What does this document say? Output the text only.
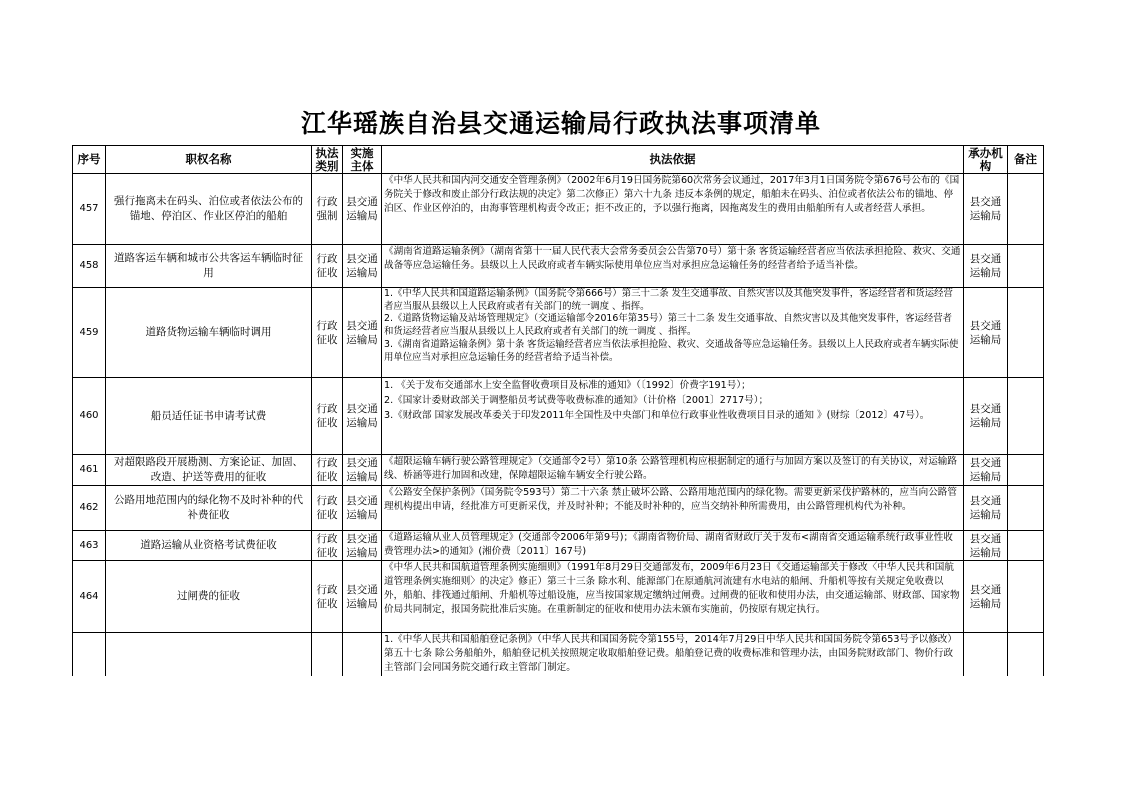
江华瑶族自治县交通运输局行政执法事项清单
序号	职权名称	执法类别	实施主体	执法依据	承办机构	备注
457	强行拖离未在码头、泊位或者依法公布的锚地、停泊区、作业区停泊的船舶	行政强制	县交通运输局	《中华人民共和国内河交通安全管理条例》（2002年6月19日国务院第60次常务会议通过，2017年3月1日国务院令第676号公布的《国务院关于修改和废止部分行政法规的决定》第二次修正）第六十九条 违反本条例的规定，船舶未在码头、泊位或者依法公布的锚地、停泊区、作业区停泊的，由海事管理机构责令改正；拒不改正的，予以强行拖离，因拖离发生的费用由船舶所有人或者经营人承担。	县交通运输局	
458	道路客运车辆和城市公共客运车辆临时征用	行政征收	县交通运输局	《湖南省道路运输条例》（湖南省第十一届人民代表大会常务委员会公告第70号）第十条 客货运输经营者应当依法承担抢险、救灾、交通战备等应急运输任务。县级以上人民政府或者车辆实际使用单位应当对承担应急运输任务的经营者给予适当补偿。	县交通运输局	
459	道路货物运输车辆临时调用	行政征收	县交通运输局	1.《中华人民共和国道路运输条例》（国务院令第666号）第三十二条 发生交通事故、自然灾害以及其他突发事件，客运经营者和货运经营者应当服从县级以上人民政府或者有关部门的统一调度 、指挥。
2.《道路货物运输及站场管理规定》（交通运输部令2016年第35号）第三十二条 发生交通事故、自然灾害以及其他突发事件，客运经营者和货运经营者应当服从县级以上人民政府或者有关部门的统一调度 、指挥。
3.《湖南省道路运输条例》第十条 客货运输经营者应当依法承担抢险、救灾、交通战备等应急运输任务。县级以上人民政府或者车辆实际使用单位应当对承担应急运输任务的经营者给予适当补偿。	县交通运输局	
460	船员适任证书申请考试费	行政征收	县交通运输局	1. 《关于发布交通部水上安全监督收费项目及标准的通知》（〔1992〕价费字191号）；
2.《国家计委财政部关于调整船员考试费等收费标准的通知》（计价格〔2001〕2717号）；
3.《财政部 国家发展改革委关于印发2011年全国性及中央部门和单位行政事业性收费项目目录的通知 》(财综〔2012〕47号）。	县交通运输局	
461	对超限路段开展勘测、方案论证、加固、改造、护送等费用的征收	行政征收	县交通运输局	《超限运输车辆行驶公路管理规定》（交通部令2号）第10条 公路管理机构应根据制定的通行与加固方案以及签订的有关协议，对运输路线、桥涵等进行加固和改建，保障超限运输车辆安全行驶公路。	县交通运输局	
462	公路用地范围内的绿化物不及时补种的代补费征收	行政征收	县交通运输局	《公路安全保护条例》（国务院令593号）第二十六条 禁止破坏公路、公路用地范围内的绿化物。需要更新采伐护路林的，应当向公路管理机构提出申请，经批准方可更新采伐，并及时补种；不能及时补种的，应当交纳补种所需费用，由公路管理机构代为补种。	县交通运输局	
463	道路运输从业资格考试费征收	行政征收	县交通运输局	《道路运输从业人员管理规定》(交通部令2006年第9号)；《湖南省物价局、湖南省财政厅关于发布<湖南省交通运输系统行政事业性收费管理办法>的通知》(湘价费〔2011〕167号)	县交通运输局	
464	过闸费的征收	行政征收	县交通运输局	《中华人民共和国航道管理条例实施细则》（1991年8月29日交通部发布，2009年6月23日《交通运输部关于修改〈中华人民共和国航道管理条例实施细则〉的决定》修正）第三十三条 除水利、能源部门在原通航河流建有水电站的船闸、升船机等按有关规定免收费以外，船舶、排筏通过船闸、升船机等过船设施，应当按国家规定缴纳过闸费。过闸费的征收和使用办法，由交通运输部、财政部、国家物价局共同制定，报国务院批准后实施。在重新制定的征收和使用办法未颁布实施前，仍按原有规定执行。	县交通运输局	

				1.《中华人民共和国船舶登记条例》（中华人民共和国国务院令第155号，2014年7月29日中华人民共和国国务院令第653号予以修改）第五十七条 除公务船舶外，船舶登记机关按照规定收取船舶登记费。船舶登记费的收费标准和管理办法，由国务院财政部门、物价行政主管部门会同国务院交通行政主管部门制定。		
